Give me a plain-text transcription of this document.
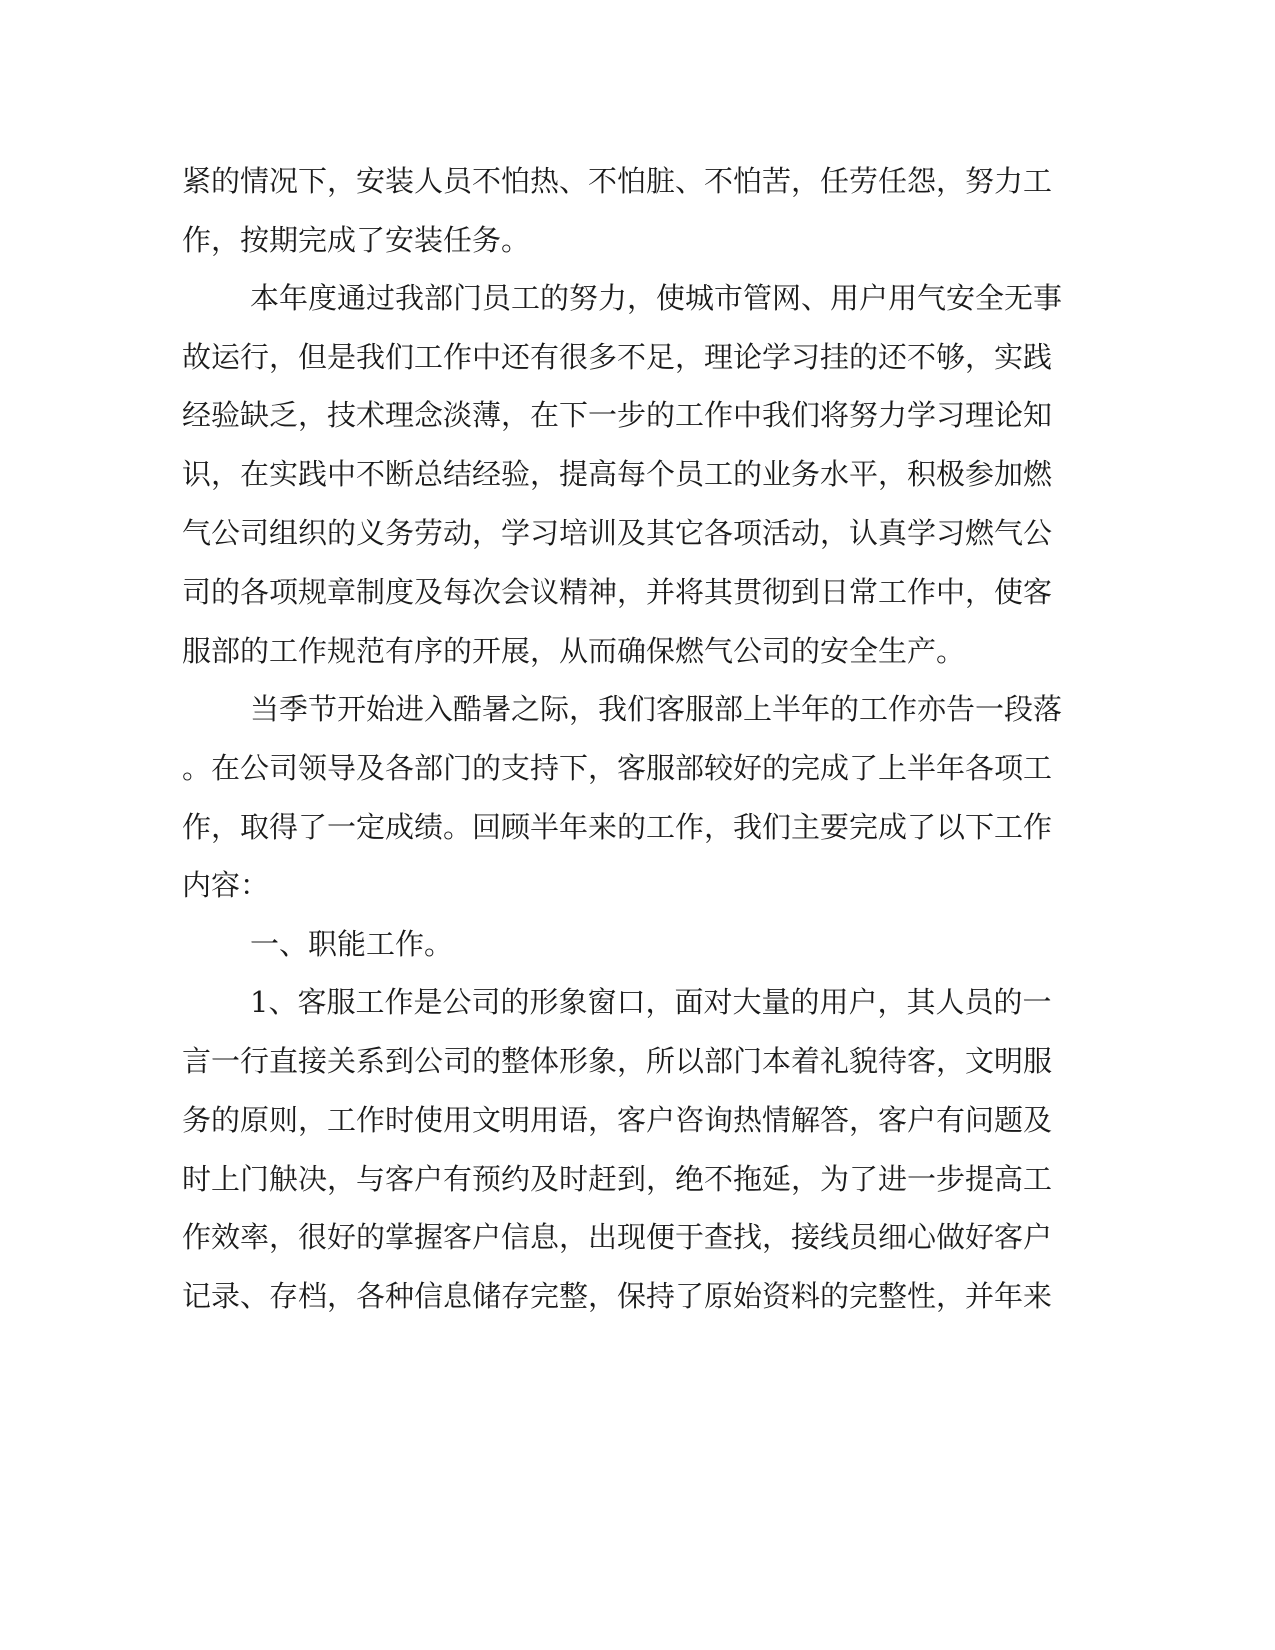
紧的情况下，安装人员不怕热、不怕脏、不怕苦，任劳任怨，努力工
作，按期完成了安装任务。
本年度通过我部门员工的努力，使城市管网、用户用气安全无事
故运行，但是我们工作中还有很多不足，理论学习挂的还不够，实践
经验缺乏，技术理念淡薄，在下一步的工作中我们将努力学习理论知
识，在实践中不断总结经验，提高每个员工的业务水平，积极参加燃
气公司组织的义务劳动，学习培训及其它各项活动，认真学习燃气公
司的各项规章制度及每次会议精神，并将其贯彻到日常工作中，使客
服部的工作规范有序的开展，从而确保燃气公司的安全生产。
当季节开始进入酷暑之际，我们客服部上半年的工作亦告一段落
。在公司领导及各部门的支持下，客服部较好的完成了上半年各项工
作，取得了一定成绩。回顾半年来的工作，我们主要完成了以下工作
内容：
一、职能工作。
1、客服工作是公司的形象窗口，面对大量的用户，其人员的一
言一行直接关系到公司的整体形象，所以部门本着礼貌待客，文明服
务的原则，工作时使用文明用语，客户咨询热情解答，客户有问题及
时上门觖决，与客户有预约及时赶到，绝不拖延，为了进一步提高工
作效率，很好的掌握客户信息，出现便于查找，接线员细心做好客户
记录、存档，各种信息储存完整，保持了原始资料的完整性，并年来
